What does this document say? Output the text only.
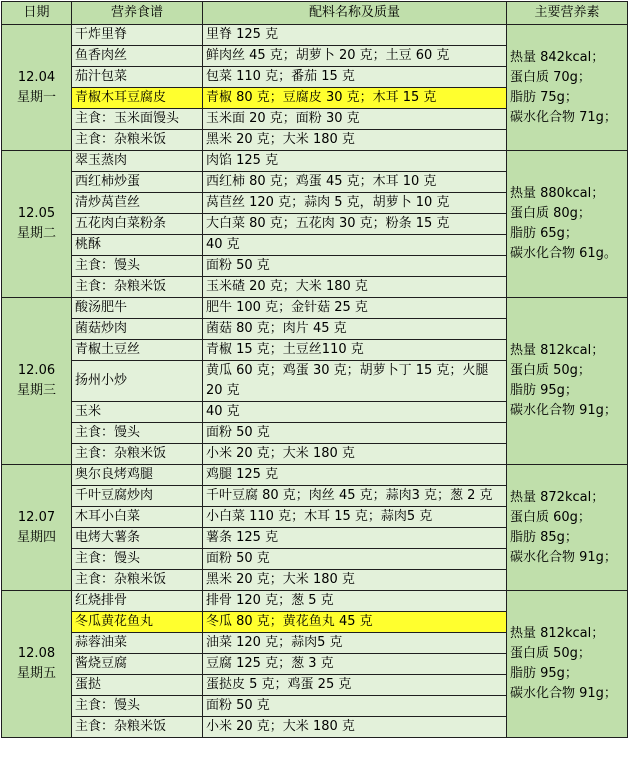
日期	营养食谱	配料名称及质量	主要营养素

12.04
星期一	干炸里脊	里脊 125 克	热量 842kcal；
蛋白质 70g；
脂肪 75g；
碳水化合物 71g；

	鱼香肉丝	鲜肉丝 45 克；胡萝卜 20 克；土豆 60 克	
	茄汁包菜	包菜 110 克；番茄 15 克	
	青椒木耳豆腐皮	青椒 80 克；豆腐皮 30 克；木耳 15 克	
	主食：玉米面馒头	玉米面 20 克；面粉 30 克	
	主食：杂粮米饭	黑米 20 克；大米 180 克	

12.05
星期二	翠玉蒸肉	肉馅 125 克	热量 880kcal；
蛋白质 80g；
脂肪 65g；
碳水化合物 61g。

	西红柿炒蛋	西红柿 80 克；鸡蛋 45 克；木耳 10 克	
	清炒莴苣丝	莴苣丝 120 克；蒜肉 5 克，胡萝卜 10 克	
	五花肉白菜粉条	大白菜 80 克；五花肉 30 克；粉条 15 克	
	桃酥	40 克	
	主食：馒头	面粉 50 克	
	主食：杂粮米饭	玉米碴 20 克；大米 180 克	

12.06
星期三	酸汤肥牛	肥牛 100 克；金针菇 25 克	热量 812kcal；
蛋白质 50g；
脂肪 95g；
碳水化合物 91g；

	菌菇炒肉	菌菇 80 克；肉片 45 克	
	青椒土豆丝	青椒 15 克；土豆丝110 克	
	扬州小炒	黄瓜 60 克；鸡蛋 30 克；胡萝卜丁 15 克；火腿 20 克	
	玉米	40 克	
	主食：馒头	面粉 50 克	
	主食：杂粮米饭	小米 20 克；大米 180 克	

12.07
星期四	奥尔良烤鸡腿	鸡腿 125 克	热量 872kcal；
蛋白质 60g；
脂肪 85g；
碳水化合物 91g；

	千叶豆腐炒肉	千叶豆腐 80 克；肉丝 45 克；蒜肉3 克；葱 2 克	
	木耳小白菜	小白菜 110 克；木耳 15 克；蒜肉5 克	
	电烤大薯条	薯条 125 克	
	主食：馒头	面粉 50 克	
	主食：杂粮米饭	黑米 20 克；大米 180 克	

12.08
星期五	红烧排骨	排骨 120 克；葱 5 克	热量 812kcal；
蛋白质 50g；
脂肪 95g；
碳水化合物 91g；

	冬瓜黄花鱼丸	冬瓜 80 克；黄花鱼丸 45 克	
	蒜蓉油菜	油菜 120 克；蒜肉5 克	
	酱烧豆腐	豆腐 125 克；葱 3 克	
	蛋挞	蛋挞皮 5 克；鸡蛋 25 克	
	主食：馒头	面粉 50 克	
	主食：杂粮米饭	小米 20 克；大米 180 克	
